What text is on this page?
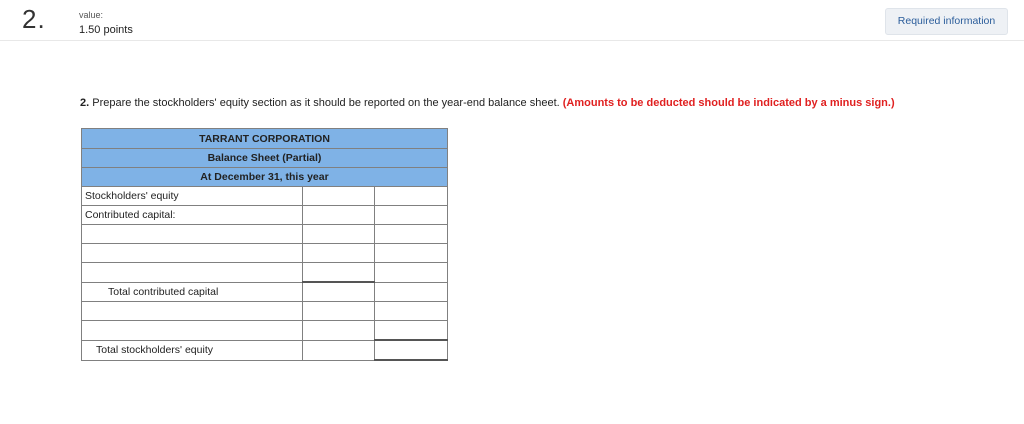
2.	value:
1.50 points
Required information
2. Prepare the stockholders' equity section as it should be reported on the year-end balance sheet. (Amounts to be deducted should be indicated by a minus sign.)
TARRANT CORPORATION		
Balance Sheet (Partial)		
At December 31, this year		
Stockholders' equity	

Contributed capital:	

Total contributed capital	

Total stockholders' equity	
